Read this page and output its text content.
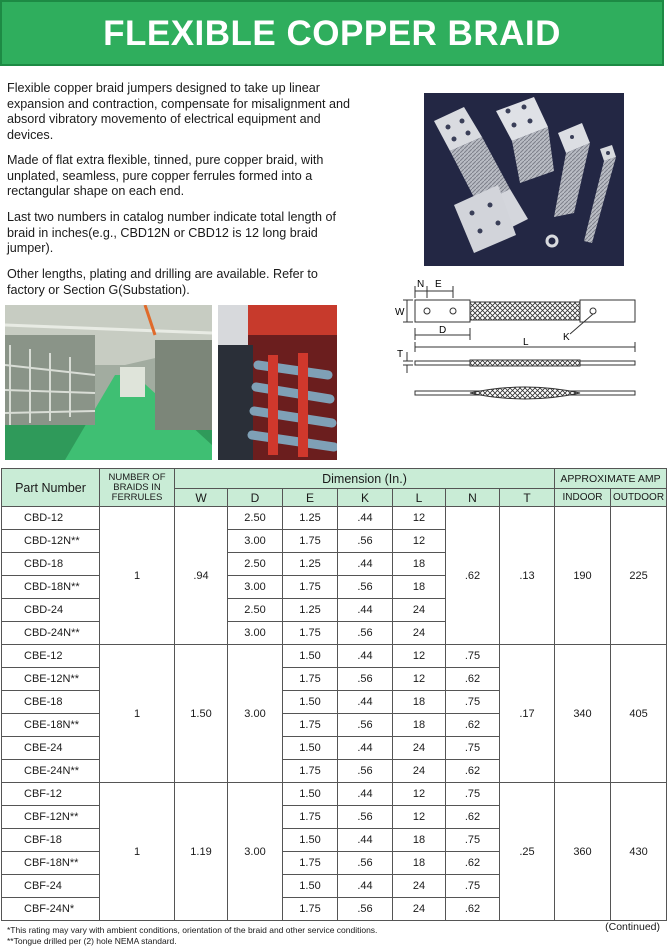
FLEXIBLE COPPER BRAID

Flexible copper braid jumpers designed to take up linear expansion and contraction, compensate for misalignment and absord vibratory movemento of electrical equipment and devices.

Made of flat extra flexible, tinned, pure copper braid, with unplated, seamless, pure copper ferrules formed into a rectangular shape on each end.

Last two numbers in catalog number indicate total length of braid in inches(e.g., CBD12N or CBD12 is 12 long braid jumper).

Other lengths, plating and drilling are available. Refer to factory or Section G(Substation).	N E
W
D
K
L
T
Part Number	NUMBER OF BRAIDS IN FERRULES	Dimension (In.)							APPROXIMATE AMP	
		W	D	E	K	L	N	T	INDOOR	OUTDOOR
CBD-12	1	.94	2.50	1.25	.44	12	.62	.13	190	225
CBD-12N**			3.00	1.75	.56	12				
CBD-18			2.50	1.25	.44	18				
CBD-18N**			3.00	1.75	.56	18				
CBD-24			2.50	1.25	.44	24				
CBD-24N**			3.00	1.75	.56	24				
CBE-12	1	1.50	3.00	1.50	.44	12	.75	.17	340	405
CBE-12N**				1.75	.56	12	.62			
CBE-18				1.50	.44	18	.75			
CBE-18N**				1.75	.56	18	.62			
CBE-24				1.50	.44	24	.75			
CBE-24N**				1.75	.56	24	.62			
CBF-12	1	1.19	3.00	1.50	.44	12	.75	.25	360	430
CBF-12N**				1.75	.56	12	.62			
CBF-18				1.50	.44	18	.75			
CBF-18N**				1.75	.56	18	.62			
CBF-24				1.50	.44	24	.75			
CBF-24N*				1.75	.56	24	.62			
*This rating may vary with ambient conditions, orientation of the braid and other service conditions.
**Tongue drilled per (2) hole NEMA standard.
(Continued)
